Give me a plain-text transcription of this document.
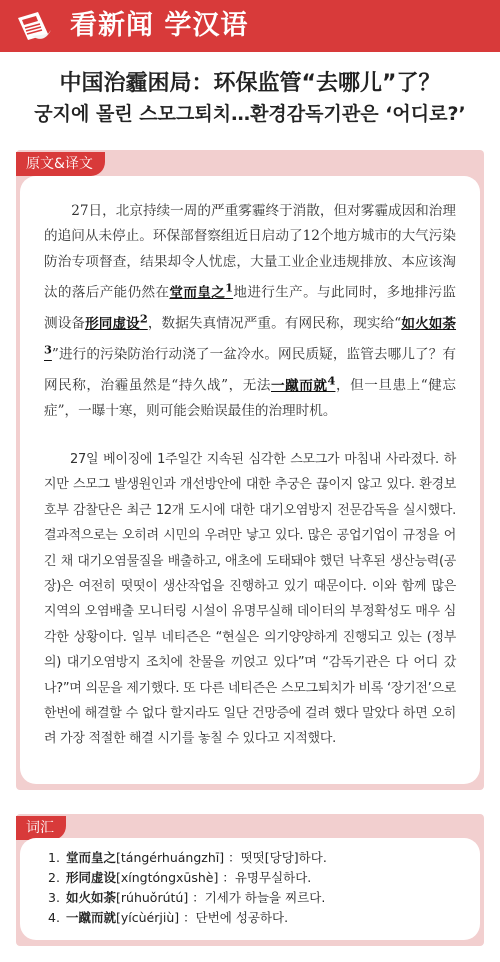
看新闻 学汉语
中国治霾困局：环保监管“去哪儿”了？
궁지에 몰린 스모그퇴치…환경감독기관은 ‘어디로?’
原文&译文
27日，北京持续一周的严重雾霾终于消散，但对雾霾成因和治理的追问从未停止。环保部督察组近日启动了12个地方城市的大气污染防治专项督查，结果却令人忧虑，大量工业企业违规排放、本应该淘汰的落后产能仍然在堂而皇之$^1$地进行生产。与此同时，多地排污监测设备形同虚设$^2$，数据失真情况严重。有网民称，现实给“如火如荼$^3$”进行的污染防治行动浇了一盆冷水。网民质疑，监管去哪儿了？有网民称，治霾虽然是“持久战”，无法一蹴而就$^4$，但一旦患上“健忘症”，一曝十寒，则可能会贻误最佳的治理时机。
27일 베이징에 1주일간 지속된 심각한 스모그가 마침내 사라졌다. 하지만 스모그 발생원인과 개선방안에 대한 추궁은 끊이지 않고 있다. 환경보호부 감찰단은 최근 12개 도시에 대한 대기오염방지 전문감독을 실시했다. 결과적으로는 오히려 시민의 우려만 낳고 있다. 많은 공업기업이 규정을 어긴 채 대기오염물질을 배출하고, 애초에 도태돼야 했던 낙후된 생산능력(공장)은 여전히 떳떳이 생산작업을 진행하고 있기 때문이다. 이와 함께 많은 지역의 오염배출 모니터링 시설이 유명무실해 데이터의 부정확성도 매우 심각한 상황이다. 일부 네티즌은 “현실은 의기양양하게 진행되고 있는 (정부의) 대기오염방지 조치에 찬물을 끼얹고 있다”며 “감독기관은 다 어디 갔나?”며 의문을 제기했다. 또 다른 네티즌은 스모그퇴치가 비록 ‘장기전’으로 한번에 해결할 수 없다 할지라도 일단 건망증에 걸려 했다 말았다 하면 오히려 가장 적절한 해결 시기를 놓칠 수 있다고 지적했다.
词汇
1. 堂而皇之[tángérhuángzhī] ：떳떳[당당]하다.
2. 形同虚设[xíngtóngxūshè] ：유명무실하다.
3. 如火如荼[rúhuǒrútú] ：기세가 하늘을 찌르다.
4. 一蹴而就[yícùérjiù] ：단번에 성공하다.
